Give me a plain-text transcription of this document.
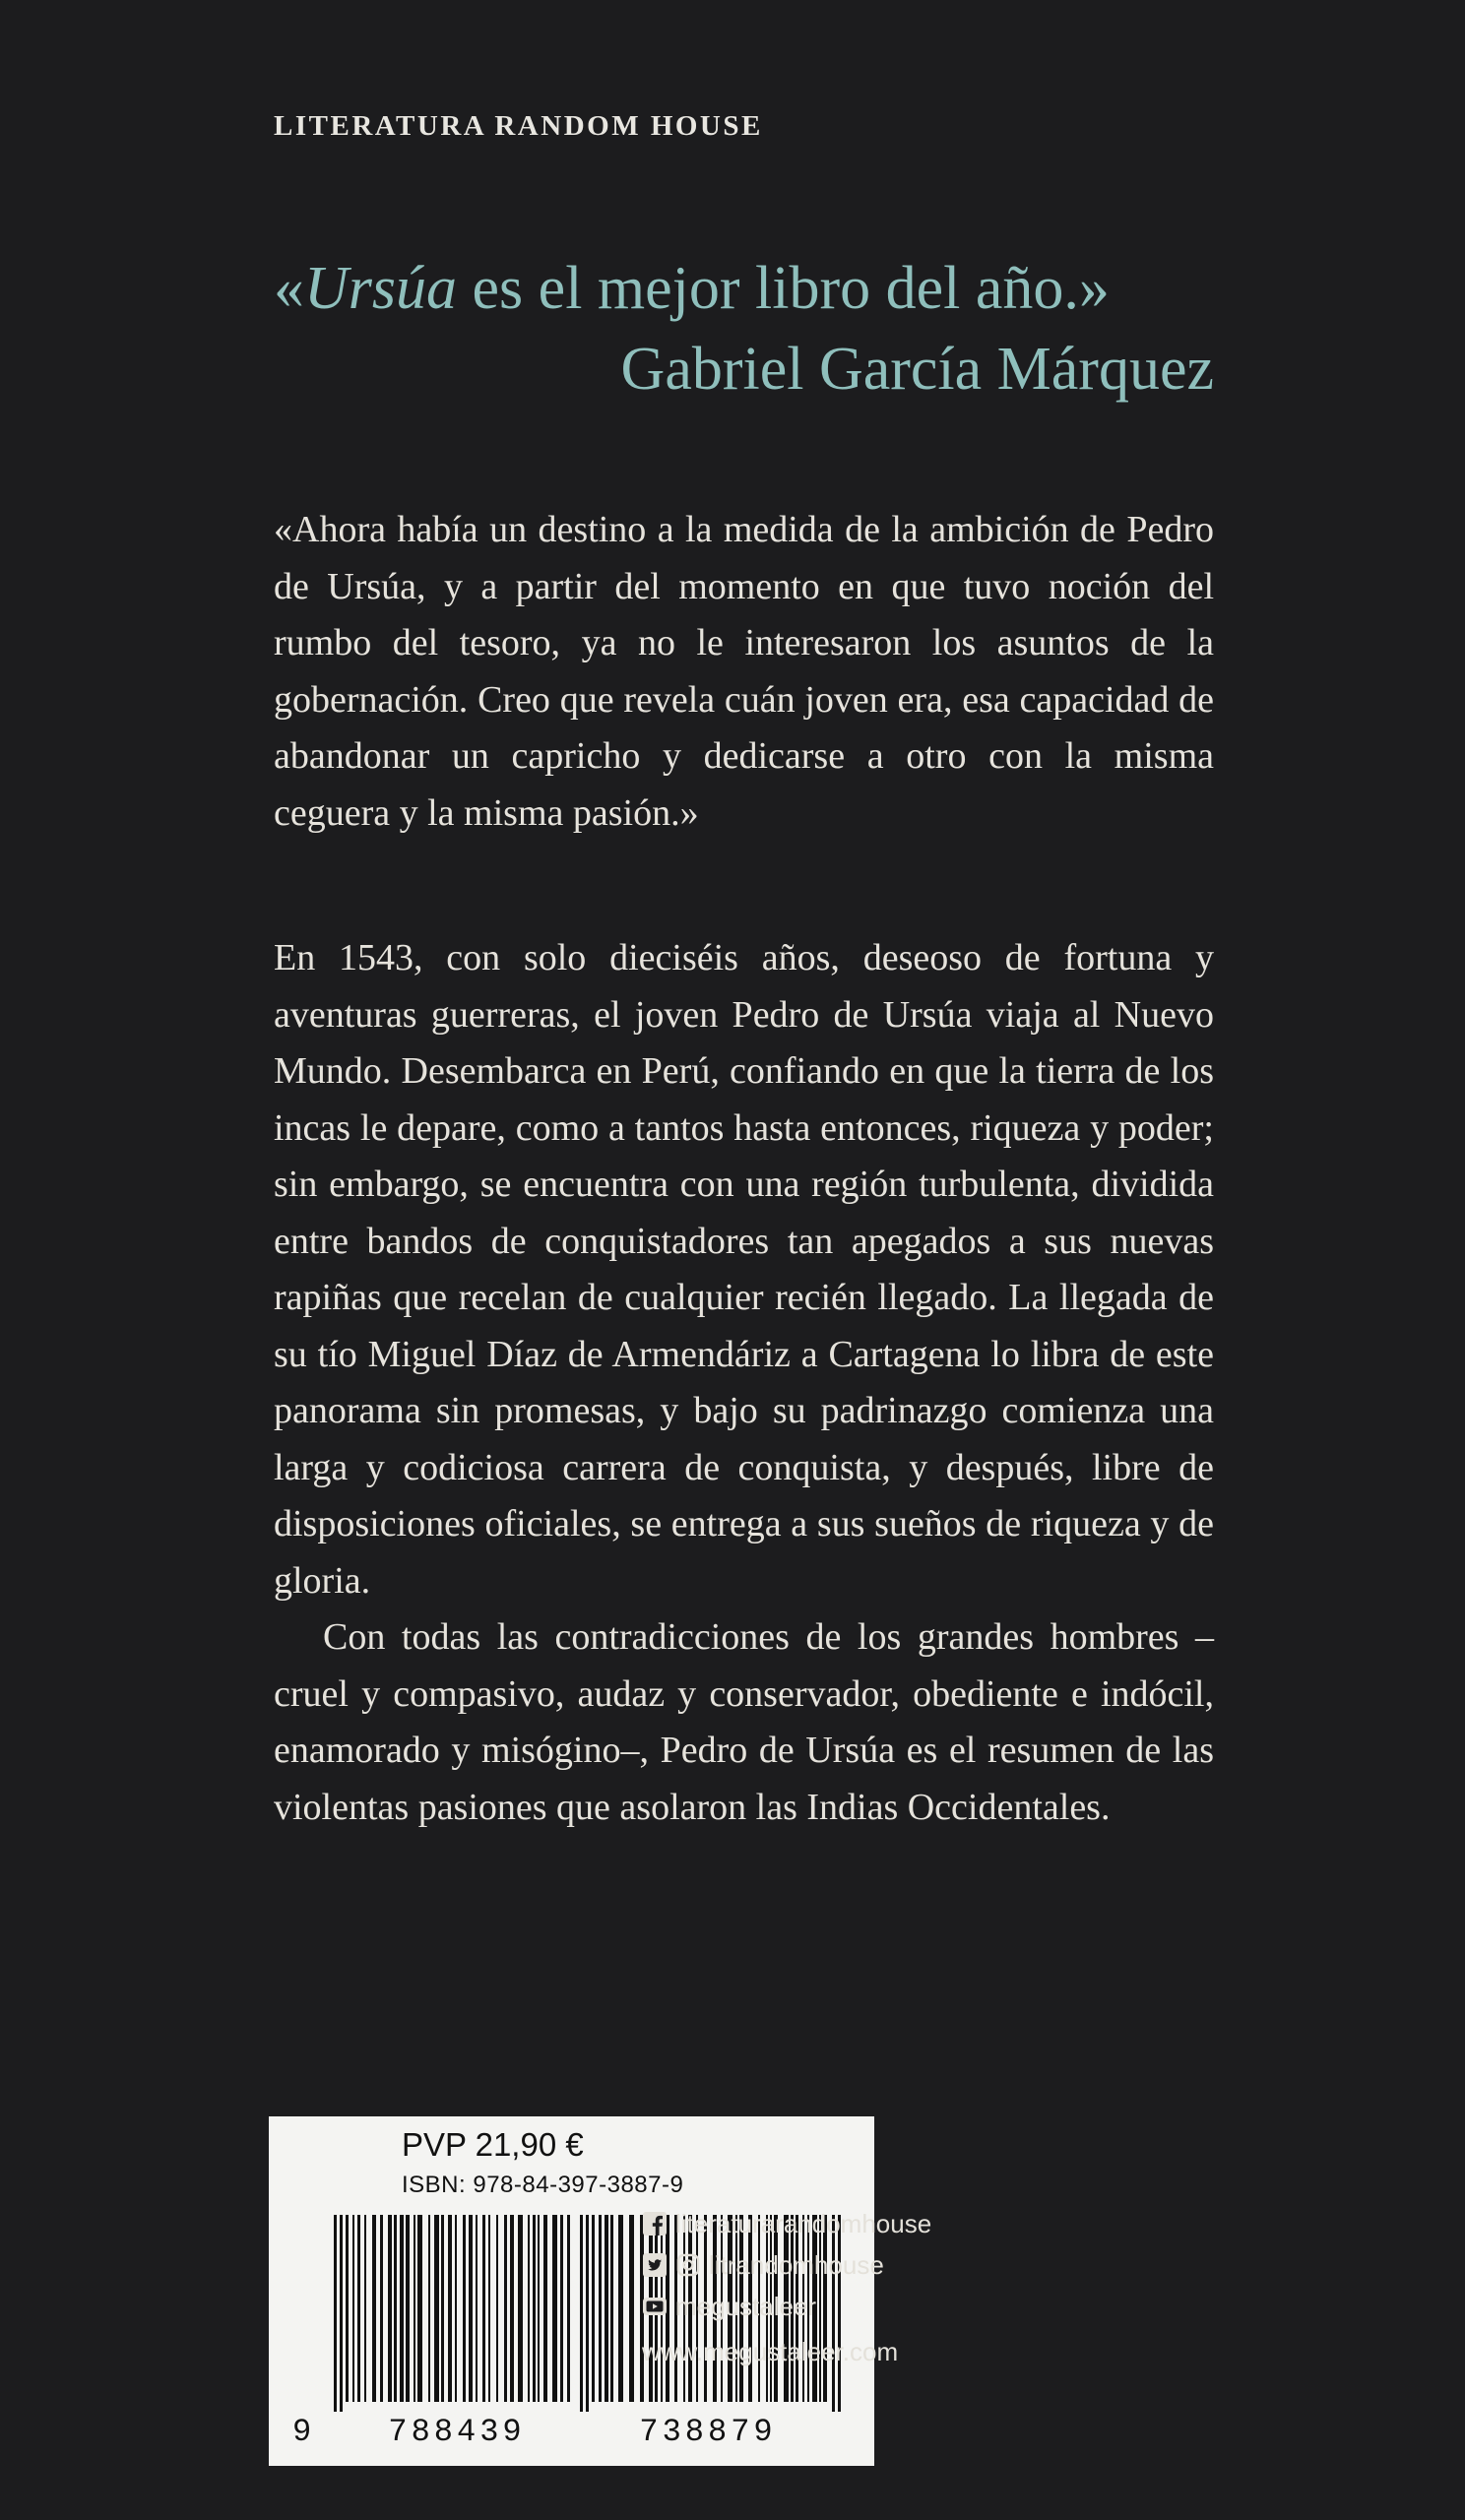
LITERATURA RANDOM HOUSE
«Ursúa es el mejor libro del año.»
Gabriel García Márquez

«Ahora había un destino a la medida de la ambición de Pedro de Ursúa, y a partir del momento en que tuvo noción del rumbo del tesoro, ya no le interesaron los asuntos de la gobernación. Creo que revela cuán joven era, esa capacidad de abandonar un capricho y dedicarse a otro con la misma ceguera y la misma pasión.»

En 1543, con solo dieciséis años, deseoso de fortuna y aventuras guerreras, el joven Pedro de Ursúa viaja al Nuevo Mundo. Desembarca en Perú, confiando en que la tierra de los incas le depare, como a tantos hasta entonces, riqueza y poder; sin embargo, se encuentra con una región turbulenta, dividida entre bandos de conquistadores tan apegados a sus nuevas rapiñas que recelan de cualquier recién llegado. La llegada de su tío Miguel Díaz de Armendáriz a Cartagena lo libra de este panorama sin promesas, y bajo su padrinazgo comienza una larga y codiciosa carrera de conquista, y después, libre de disposiciones oficiales, se entrega a sus sueños de riqueza y de gloria.

Con todas las contradicciones de los grandes hombres –cruel y compasivo, audaz y conservador, obediente e indócil, enamorado y misógino–, Pedro de Ursúa es el resumen de las violentas pasiones que asolaron las Indias Occidentales.

PVP 21,90 €
ISBN: 978-84-397-3887-9
9	788439	738879
literaturarandomhouse
litrandomhouse
megustaleer
www.megustaleer.com
